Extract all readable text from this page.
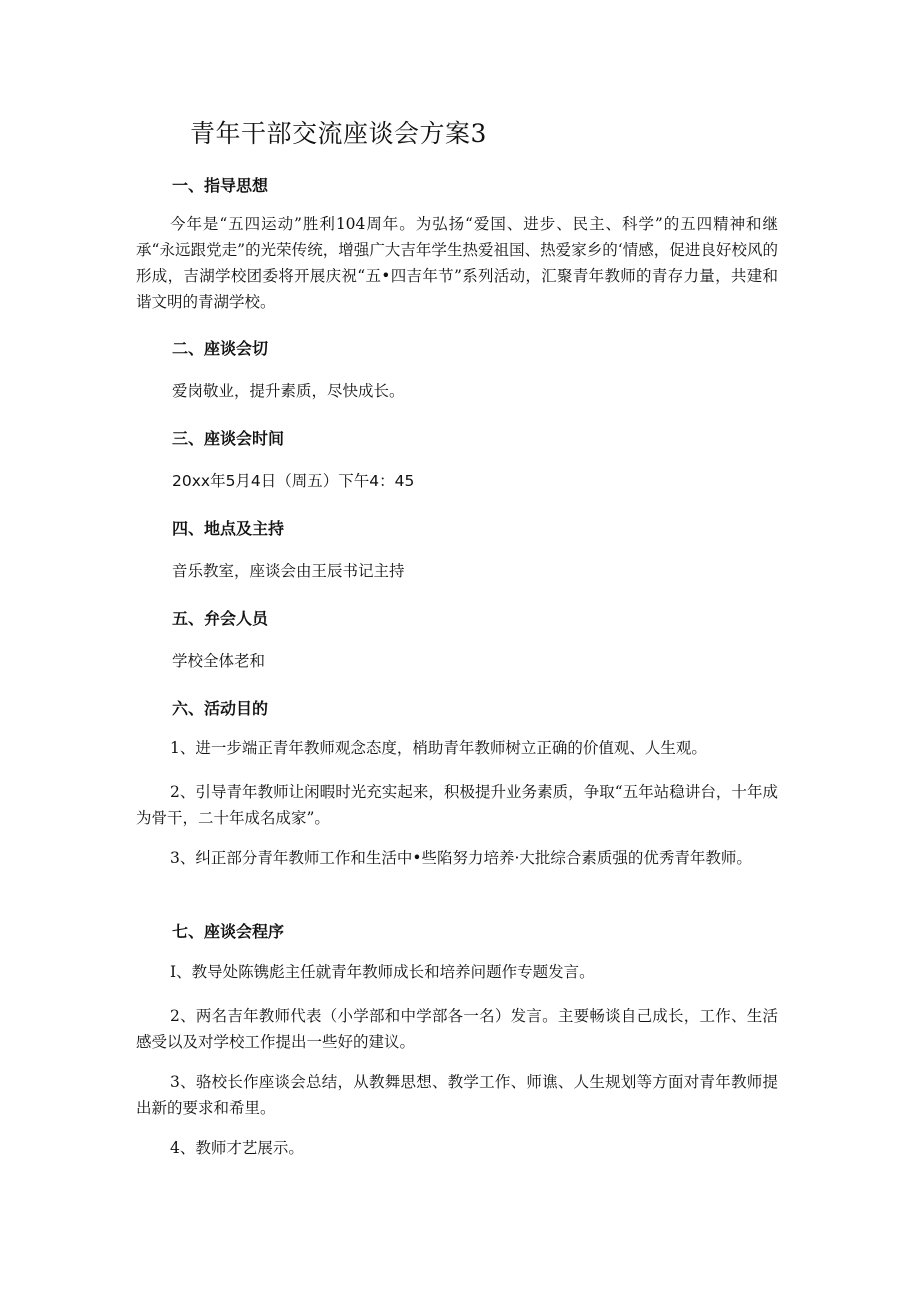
青年干部交流座谈会方案3
一、指导思想
今年是“五四运动”胜利104周年。为弘扬“爱国、进步、民主、科学”的五四精神和继承“永远跟党走”的光荣传统，增强广大吉年学生热爱祖国、热爱家乡的‘情感，促进良好校风的形成，吉湖学校团委将开展庆祝“五•四吉年节”系列活动，汇聚青年教师的青存力量，共建和谐文明的青湖学校。
二、座谈会切
爱岗敬业，提升素质，尽快成长。
三、座谈会时间
20xx年5月4日（周五）下午4：45
四、地点及主持
音乐教室，座谈会由王辰书记主持
五、弁会人员
学校全体老和
六、活动目的
1、进一步端正青年教师观念态度，梢助青年教师树立正确的价值观、人生观。
2、引导青年教师让闲暇时光充实起来，积极提升业务素质，争取“五年站稳讲台，十年成为骨干，二十年成名成家”。
3、纠正部分青年教师工作和生活中•些陷努力培养·大批综合素质强的优秀青年教师。
七、座谈会程序
I、教导处陈镌彪主任就青年教师成长和培养问题作专题发言。
2、两名吉年教师代表（小学部和中学部各一名）发言。主要畅谈自己成长，工作、生活感受以及对学校工作提出一些好的建议。
3、骆校长作座谈会总结，从教舞思想、教学工作、师谯、人生规划等方面对青年教师提出新的要求和希里。
4、教师才艺展示。
